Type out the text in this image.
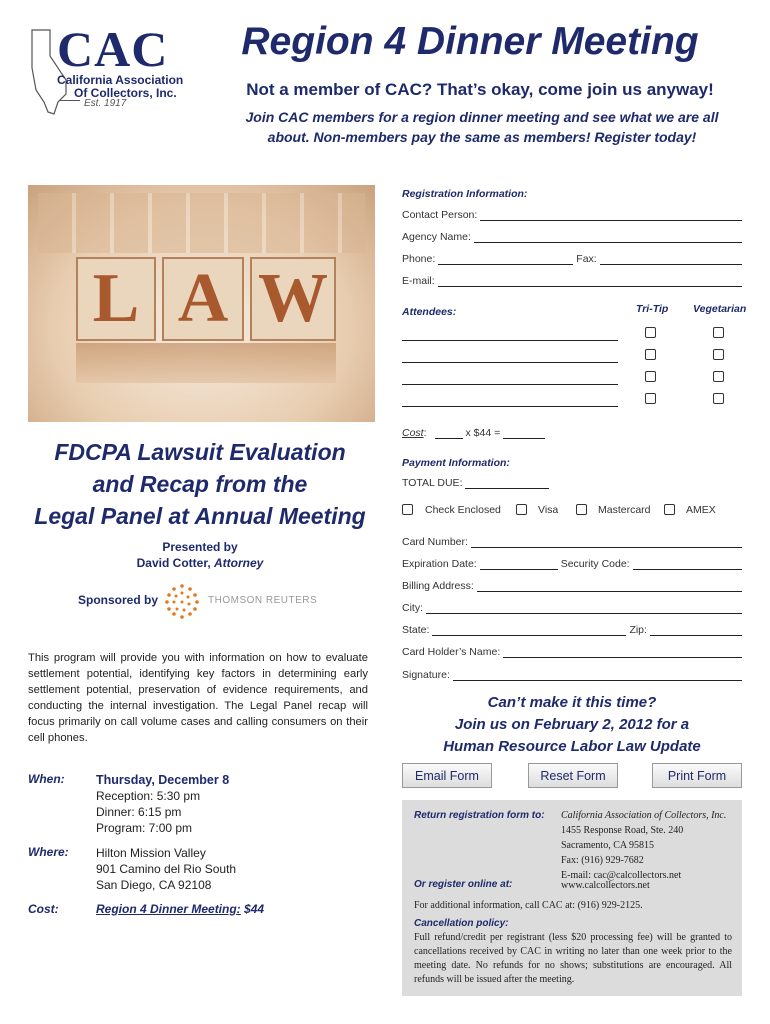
CAC
California Association
Of Collectors, Inc.
Est. 1917
Region 4 Dinner Meeting
Not a member of CAC? That’s okay, come join us anyway!
Join CAC members for a region dinner meeting and see what we are all
about. Non-members pay the same as members! Register today!
L A W
FDCPA Lawsuit Evaluation
and Recap from the
Legal Panel at Annual Meeting
Presented by
David Cotter, Attorney
Sponsored by	THOMSON REUTERS
This program will provide you with information on how to evaluate settlement potential, identifying key factors in determining early settlement potential, preservation of evidence requirements, and conducting the internal investigation. The Legal Panel recap will focus primarily on call volume cases and calling consumers on their cell phones.
When:	Thursday, December 8
Reception: 5:30 pm
Dinner: 6:15 pm
Program: 7:00 pm
Where: Hilton Mission Valley
901 Camino del Rio South
San Diego, CA 92108
Cost:	Region 4 Dinner Meeting: $44
Registration Information:
Contact Person:
Agency Name:
Phone:	Fax:
E-mail:
Attendees:	Tri-Tip Vegetarian
Cost :	x $44 =
Payment Information:
TOTAL DUE:
Check Enclosed	Visa	Mastercard	AMEX
Card Number:
Expiration Date:	Security Code:
Billing Address:
City:
State:	Zip:
Card Holder’s Name:
Signature:
Can’t make it this time?
Join us on February 2, 2012 for a
Human Resource Labor Law Update
Email Form	Reset Form	Print Form
Return registration form to: California Association of Collectors, Inc.
1455 Response Road, Ste. 240
Sacramento, CA 95815
Fax: (916) 929-7682
E-mail: cac@calcollectors.net
Or register online at:	www.calcollectors.net
For additional information, call CAC at: (916) 929-2125.
Cancellation policy:
Full refund/credit per registrant (less $20 processing fee) will be granted to cancellations received by CAC in writing no later than one week prior to the meeting date. No refunds for no shows; substitutions are encouraged. All refunds will be issued after the meeting.
